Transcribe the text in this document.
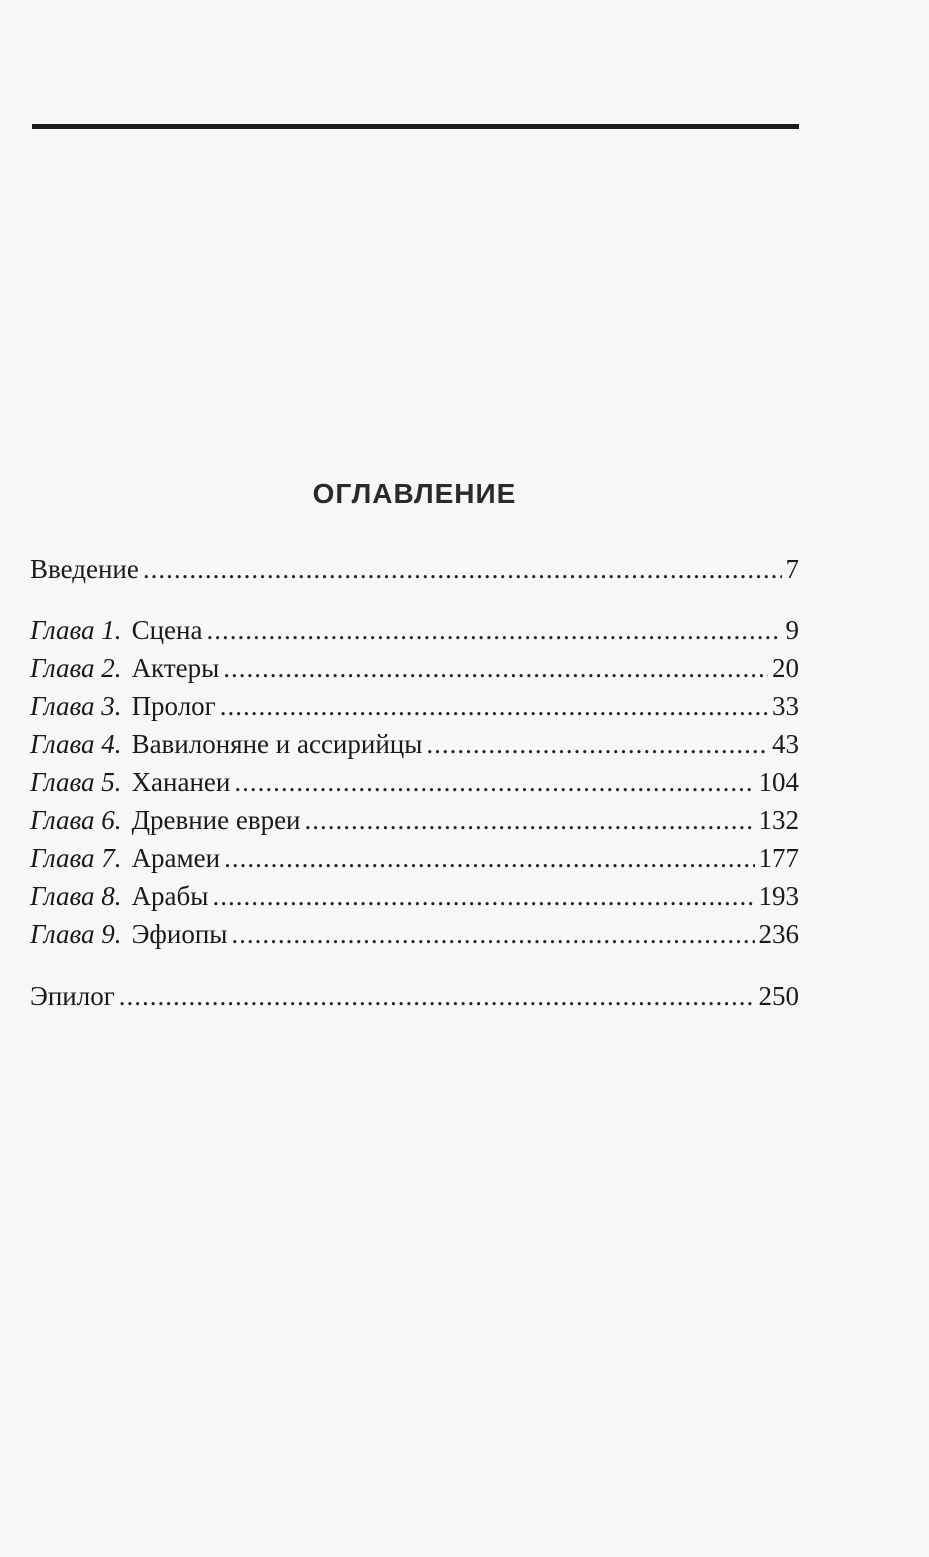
ОГЛАВЛЕНИЕ
Введение .....	7
Глава 1. Сцена .....	9
Глава 2. Актеры .....	20
Глава 3. Пролог .....	33
Глава 4. Вавилоняне и ассирийцы .....	43
Глава 5. Хананеи .....	104
Глава 6. Древние евреи .....	132
Глава 7. Арамеи .....	177
Глава 8. Арабы .....	193
Глава 9. Эфиопы .....	236
Эпилог .....	250
